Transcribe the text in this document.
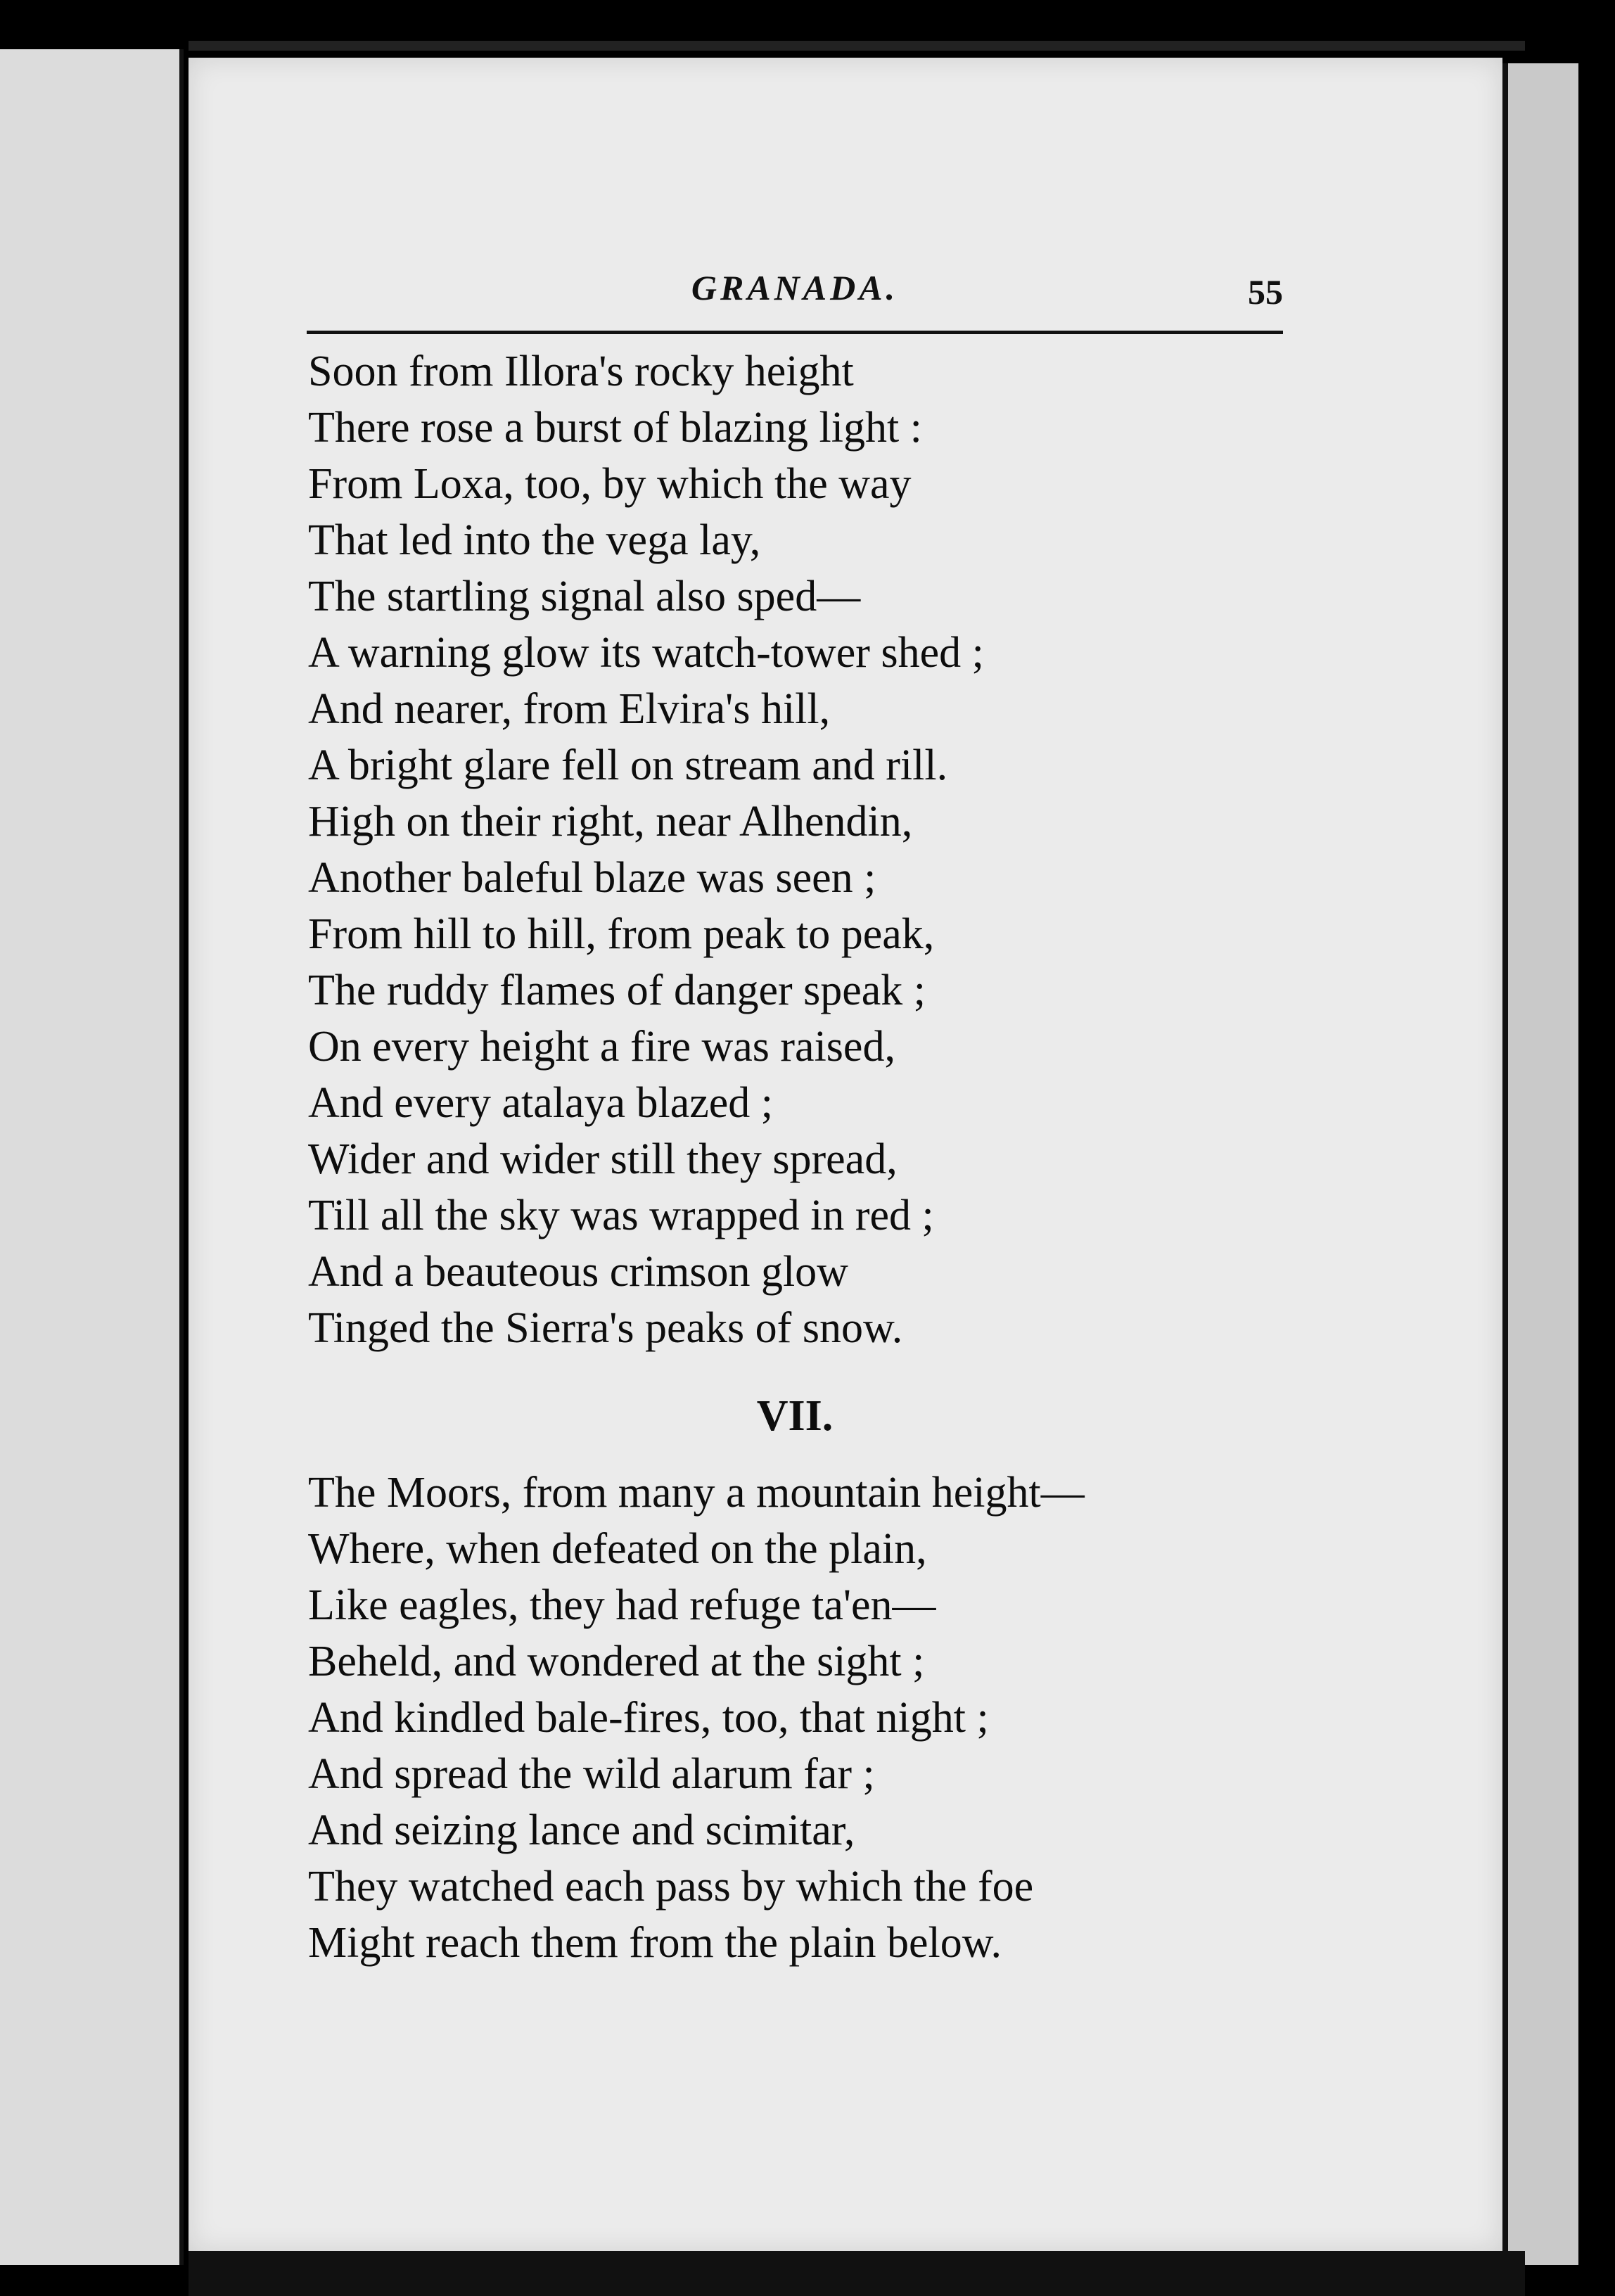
GRANADA.	55
Soon from Illora's rocky height
There rose a burst of blazing light :
From Loxa, too, by which the way
That led into the vega lay,
The startling signal also sped—
A warning glow its watch-tower shed ;
And nearer, from Elvira's hill,
A bright glare fell on stream and rill.
High on their right, near Alhendin,
Another baleful blaze was seen ;
From hill to hill, from peak to peak,
The ruddy flames of danger speak ;
On every height a fire was raised,
And every atalaya blazed ;
Wider and wider still they spread,
Till all the sky was wrapped in red ;
And a beauteous crimson glow
Tinged the Sierra's peaks of snow.
VII.
The Moors, from many a mountain height—
Where, when defeated on the plain,
Like eagles, they had refuge ta'en—
Beheld, and wondered at the sight ;
And kindled bale-fires, too, that night ;
And spread the wild alarum far ;
And seizing lance and scimitar,
They watched each pass by which the foe
Might reach them from the plain below.
